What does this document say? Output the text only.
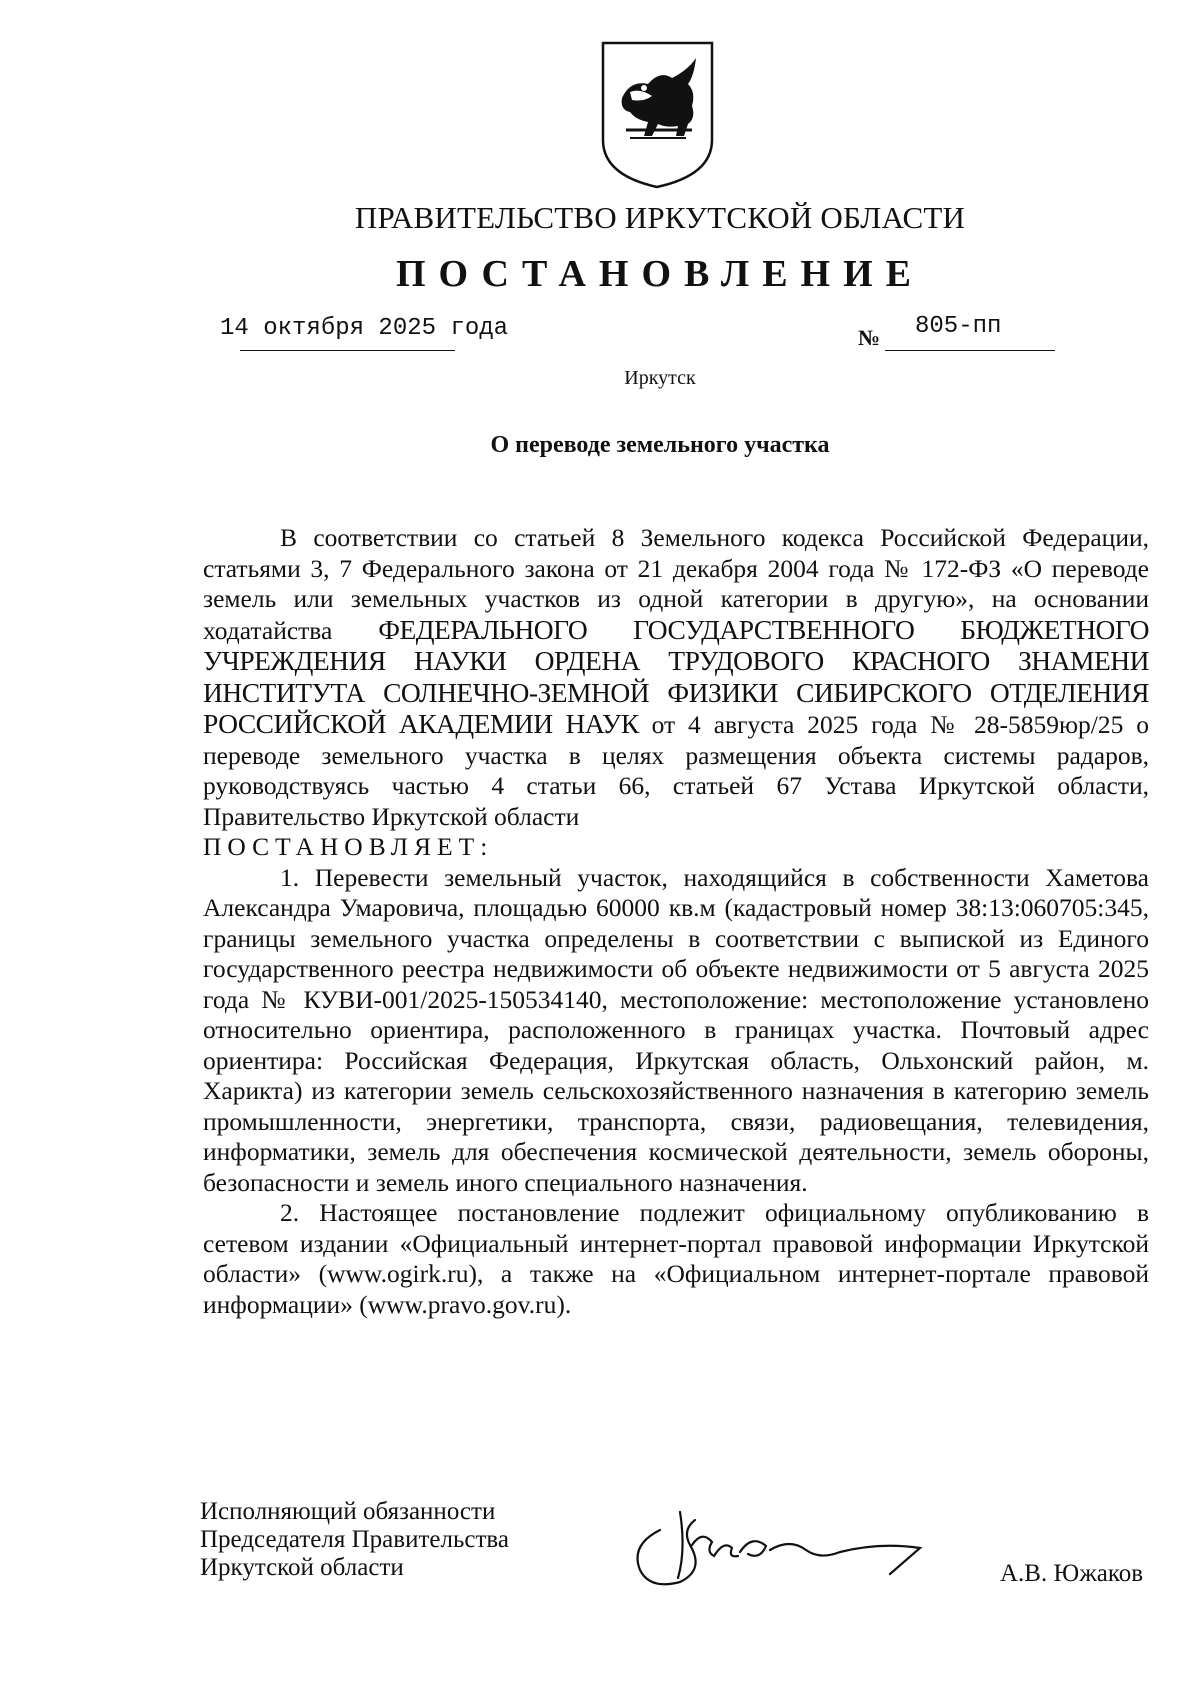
ПРАВИТЕЛЬСТВО ИРКУТСКОЙ ОБЛАСТИ
ПОСТАНОВЛЕНИЕ
14 октября 2025 года	№ 805-пп
Иркутск
О переводе земельного участка

В соответствии со статьей 8 Земельного кодекса Российской Федерации, статьями 3, 7 Федерального закона от 21 декабря 2004 года № 172-ФЗ «О переводе земель или земельных участков из одной категории в другую», на основании ходатайства ФЕДЕРАЛЬНОГО ГОСУДАРСТВЕННОГО БЮДЖЕТНОГО УЧРЕЖДЕНИЯ НАУКИ ОРДЕНА ТРУДОВОГО КРАСНОГО ЗНАМЕНИ ИНСТИТУТА СОЛНЕЧНО-ЗЕМНОЙ ФИЗИКИ СИБИРСКОГО ОТДЕЛЕНИЯ РОССИЙСКОЙ АКАДЕМИИ НАУК от 4 августа 2025 года № 28-5859юр/25 о переводе земельного участка в целях размещения объекта системы радаров, руководствуясь частью 4 статьи 66, статьей 67 Устава Иркутской области, Правительство Иркутской области

ПОСТАНОВЛЯЕТ:

1. Перевести земельный участок, находящийся в собственности Хаметова Александра Умаровича, площадью 60000 кв.м (кадастровый номер 38:13:060705:345, границы земельного участка определены в соответствии с выпиской из Единого государственного реестра недвижимости об объекте недвижимости от 5 августа 2025 года № КУВИ-001/2025-150534140, местоположение: местоположение установлено относительно ориентира, расположенного в границах участка. Почтовый адрес ориентира: Российская Федерация, Иркутская область, Ольхонский район, м. Харикта) из категории земель сельскохозяйственного назначения в категорию земель промышленности, энергетики, транспорта, связи, радиовещания, телевидения, информатики, земель для обеспечения космической деятельности, земель обороны, безопасности и земель иного специального назначения.

2. Настоящее постановление подлежит официальному опубликованию в сетевом издании «Официальный интернет-портал правовой информации Иркутской области» (www.ogirk.ru), а также на «Официальном интернет-портале правовой информации» (www.pravo.gov.ru).

Исполняющий обязанности
Председателя Правительства
Иркутской области	А.В. Южаков
